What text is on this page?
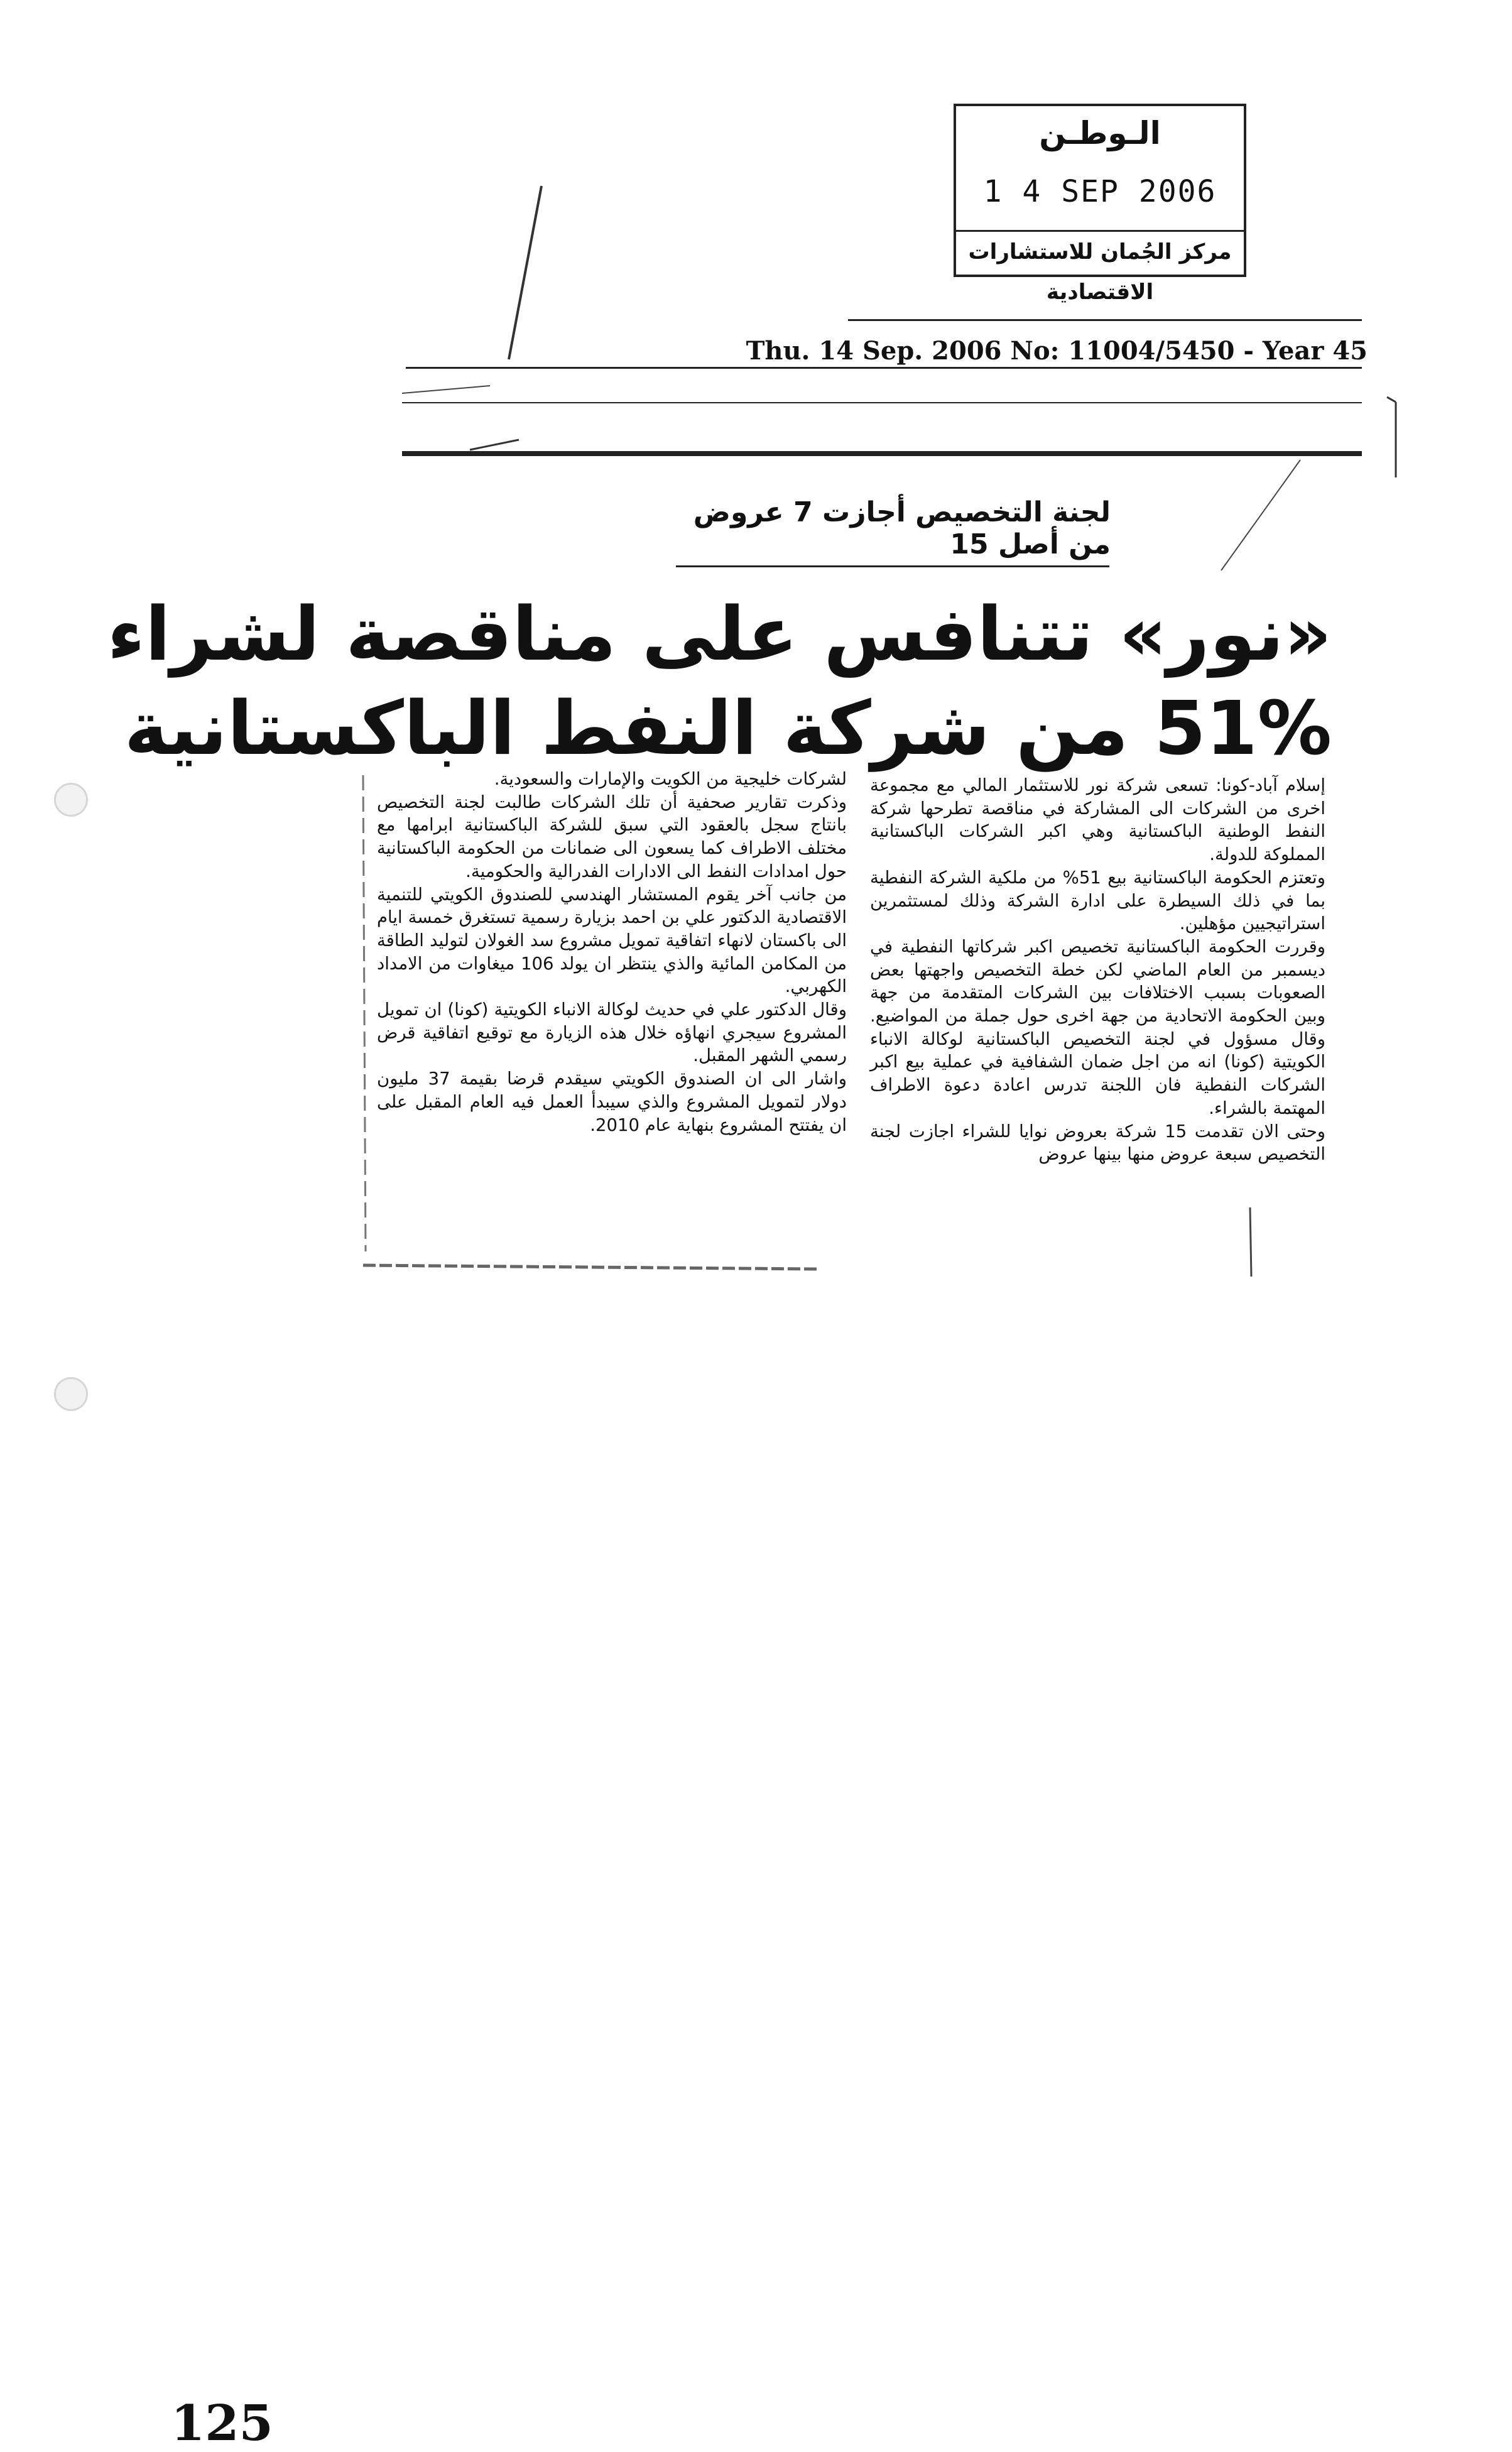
الـوطـن
1 4 SEP 2006
مركز الجُمان للاستشارات الاقتصادية
Thu. 14 Sep. 2006 No: 11004/5450 - Year 45
لجنة التخصيص أجازت 7 عروض من أصل 15
«نور» تتنافس على مناقصة لشراء
51% من شركة النفط الباكستانية

إسلام آباد-كونا: تسعى شركة نور للاستثمار المالي مع مجموعة اخرى من الشركات الى المشاركة في مناقصة تطرحها شركة النفط الوطنية الباكستانية وهي اكبر الشركات الباكستانية المملوكة للدولة.

وتعتزم الحكومة الباكستانية بيع 51% من ملكية الشركة النفطية بما في ذلك السيطرة على ادارة الشركة وذلك لمستثمرين استراتيجيين مؤهلين.

وقررت الحكومة الباكستانية تخصيص اكبر شركاتها النفطية في ديسمبر من العام الماضي لكن خطة التخصيص واجهتها بعض الصعوبات بسبب الاختلافات بين الشركات المتقدمة من جهة وبين الحكومة الاتحادية من جهة اخرى حول جملة من المواضيع. وقال مسؤول في لجنة التخصيص الباكستانية لوكالة الانباء الكويتية (كونا) انه من اجل ضمان الشفافية في عملية بيع اكبر الشركات النفطية فان اللجنة تدرس اعادة دعوة الاطراف المهتمة بالشراء.

وحتى الان تقدمت 15 شركة بعروض نوايا للشراء اجازت لجنة التخصيص سبعة عروض منها بينها عروض

لشركات خليجية من الكويت والإمارات والسعودية.

وذكرت تقارير صحفية أن تلك الشركات طالبت لجنة التخصيص بانتاج سجل بالعقود التي سبق للشركة الباكستانية ابرامها مع مختلف الاطراف كما يسعون الى ضمانات من الحكومة الباكستانية حول امدادات النفط الى الادارات الفدرالية والحكومية.

من جانب آخر يقوم المستشار الهندسي للصندوق الكويتي للتنمية الاقتصادية الدكتور علي بن احمد بزيارة رسمية تستغرق خمسة ايام الى باكستان لانهاء اتفاقية تمويل مشروع سد الغولان لتوليد الطاقة من المكامن المائية والذي ينتظر ان يولد 106 ميغاوات من الامداد الكهربي.

وقال الدكتور علي في حديث لوكالة الانباء الكويتية (كونا) ان تمويل المشروع سيجري انهاؤه خلال هذه الزيارة مع توقيع اتفاقية قرض رسمي الشهر المقبل.

واشار الى ان الصندوق الكويتي سيقدم قرضا بقيمة 37 مليون دولار لتمويل المشروع والذي سيبدأ العمل فيه العام المقبل على ان يفتتح المشروع بنهاية عام 2010.

125
